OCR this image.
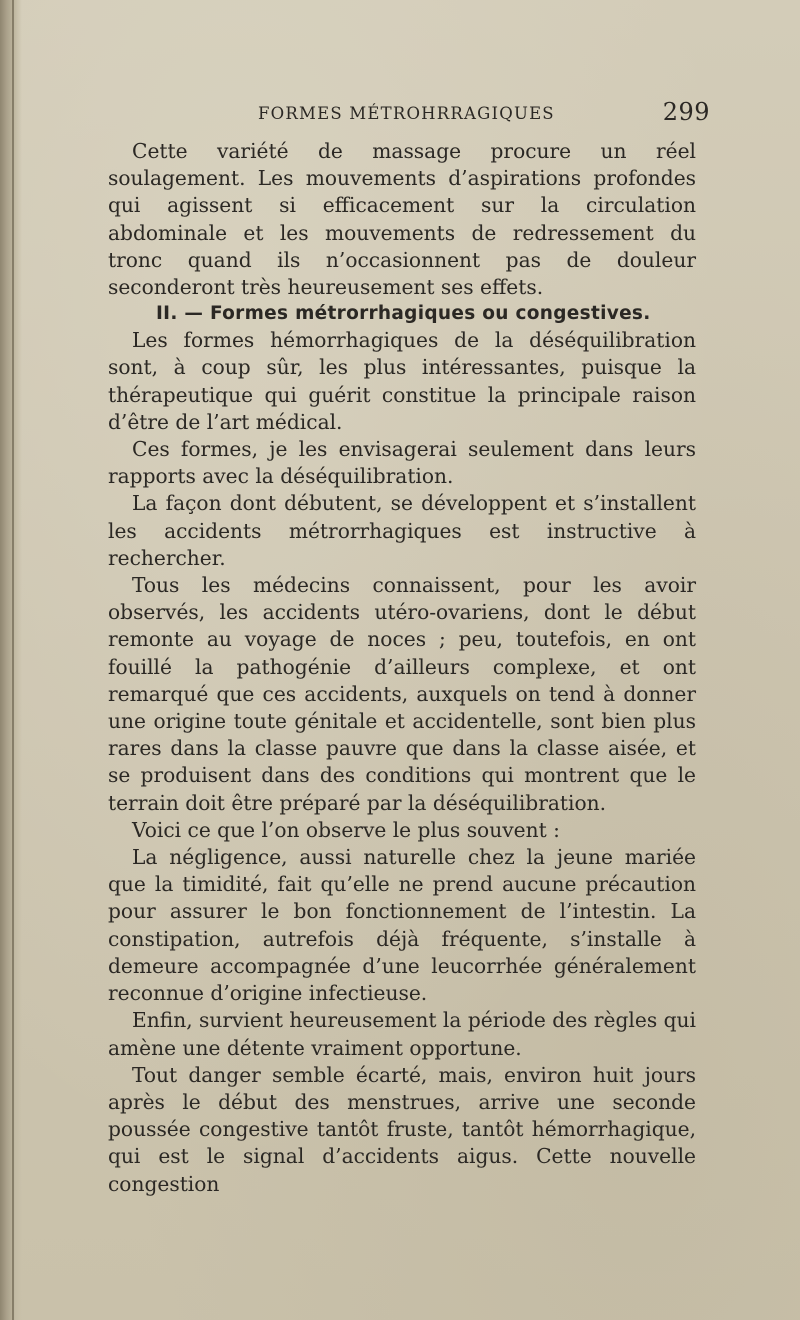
FORMES MÉTROHRRAGIQUES	299

Cette variété de massage procure un réel soulagement. Les mouvements d’aspirations profondes qui agissent si efficacement sur la circulation abdominale et les mouvements de redressement du tronc quand ils n’occasionnent pas de douleur seconderont très heureusement ses effets.

II. — Formes métrorrhagiques ou congestives.

Les formes hémorrhagiques de la déséquilibration sont, à coup sûr, les plus intéressantes, puisque la thérapeutique qui guérit constitue la principale raison d’être de l’art médical.

Ces formes, je les envisagerai seulement dans leurs rapports avec la déséquilibration.

La façon dont débutent, se développent et s’installent les accidents métrorrhagiques est instructive à rechercher.

Tous les médecins connaissent, pour les avoir observés, les accidents utéro-ovariens, dont le début remonte au voyage de noces ; peu, toutefois, en ont fouillé la pathogénie d’ailleurs complexe, et ont remarqué que ces accidents, auxquels on tend à donner une origine toute génitale et accidentelle, sont bien plus rares dans la classe pauvre que dans la classe aisée, et se produisent dans des conditions qui montrent que le terrain doit être préparé par la déséquilibration.

Voici ce que l’on observe le plus souvent :

La négligence, aussi naturelle chez la jeune mariée que la timidité, fait qu’elle ne prend aucune précaution pour assurer le bon fonctionnement de l’intestin. La constipation, autrefois déjà fréquente, s’installe à demeure accompagnée d’une leucorrhée généralement reconnue d’origine infectieuse.

Enfin, survient heureusement la période des règles qui amène une détente vraiment opportune.

Tout danger semble écarté, mais, environ huit jours après le début des menstrues, arrive une seconde poussée congestive tantôt fruste, tantôt hémorrhagique, qui est le signal d’accidents aigus. Cette nouvelle congestion
